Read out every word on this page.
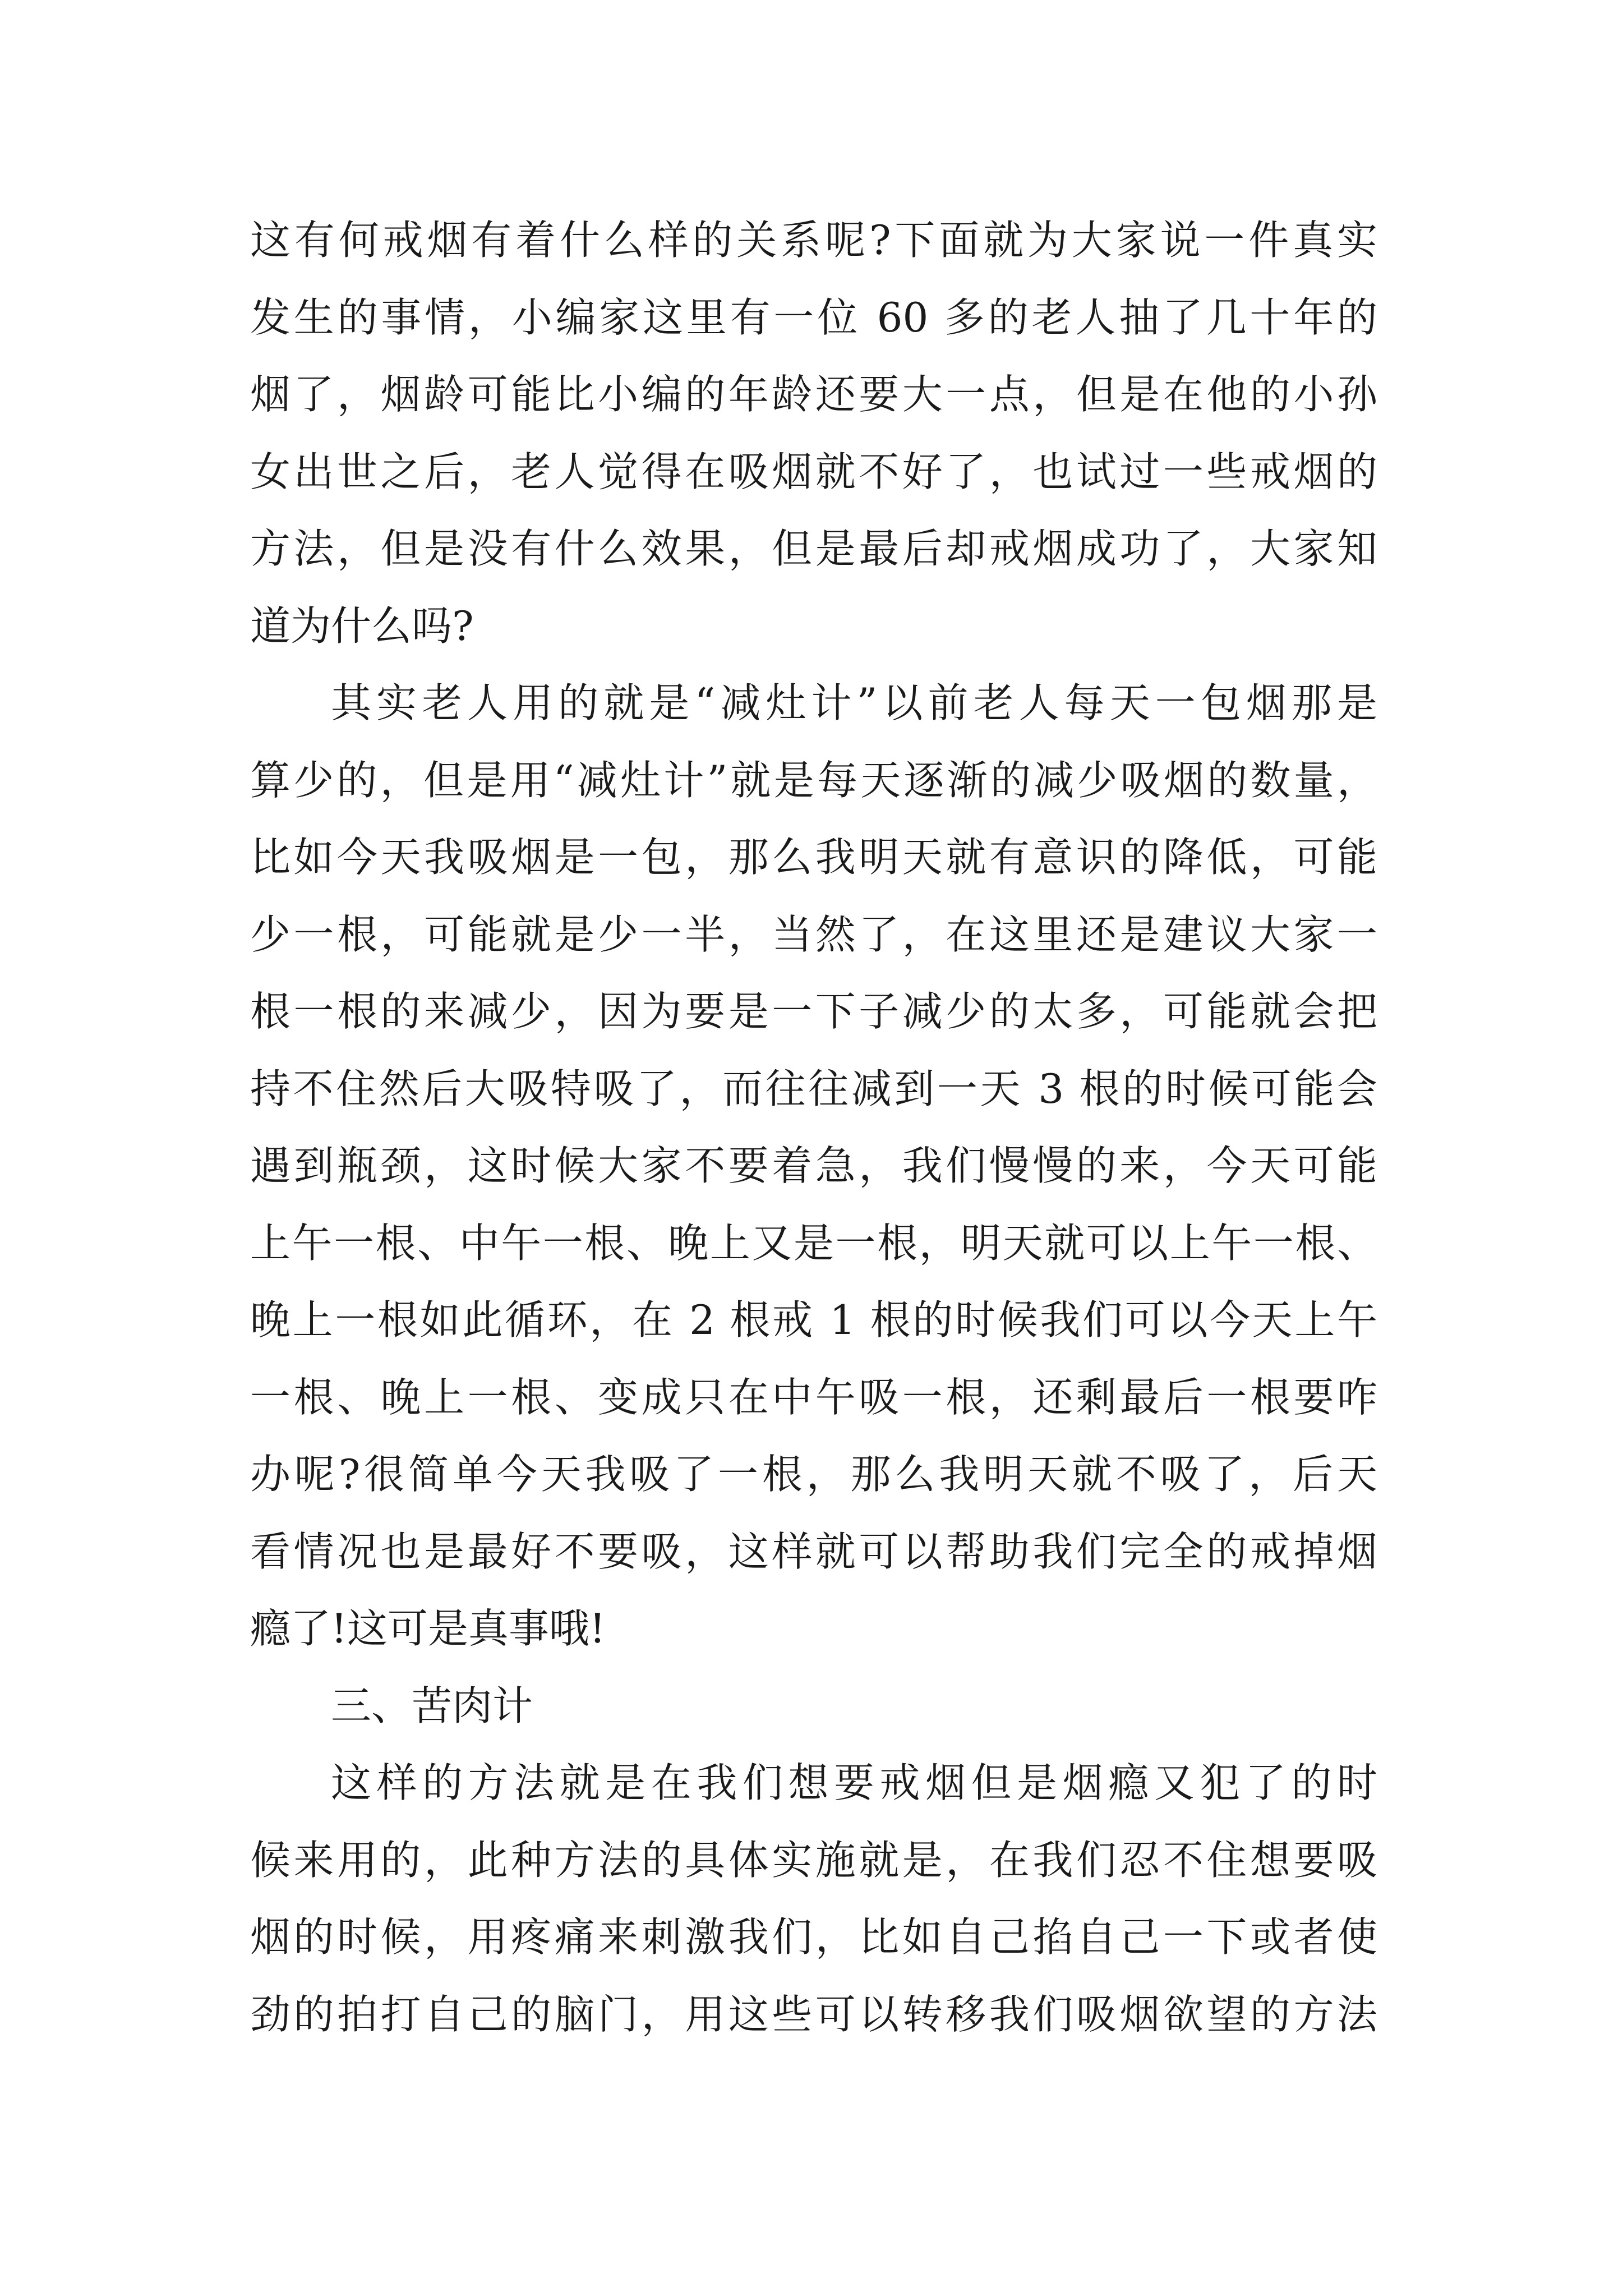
这有何戒烟有着什么样的关系呢?下面就为大家说一件真实
发生的事情，小编家这里有一位 60 多的老人抽了几十年的
烟了，烟龄可能比小编的年龄还要大一点，但是在他的小孙
女出世之后，老人觉得在吸烟就不好了，也试过一些戒烟的
方法，但是没有什么效果，但是最后却戒烟成功了，大家知
道为什么吗?
其实老人用的就是“减灶计”以前老人每天一包烟那是
算少的，但是用“减灶计”就是每天逐渐的减少吸烟的数量，
比如今天我吸烟是一包，那么我明天就有意识的降低，可能
少一根，可能就是少一半，当然了，在这里还是建议大家一
根一根的来减少，因为要是一下子减少的太多，可能就会把
持不住然后大吸特吸了，而往往减到一天 3 根的时候可能会
遇到瓶颈，这时候大家不要着急，我们慢慢的来，今天可能
上午一根、中午一根、晚上又是一根，明天就可以上午一根、
晚上一根如此循环，在 2 根戒 1 根的时候我们可以今天上午
一根、晚上一根、变成只在中午吸一根，还剩最后一根要咋
办呢?很简单今天我吸了一根，那么我明天就不吸了，后天
看情况也是最好不要吸，这样就可以帮助我们完全的戒掉烟
瘾了!这可是真事哦!
三、苦肉计
这样的方法就是在我们想要戒烟但是烟瘾又犯了的时
候来用的，此种方法的具体实施就是，在我们忍不住想要吸
烟的时候，用疼痛来刺激我们，比如自己掐自己一下或者使
劲的拍打自己的脑门，用这些可以转移我们吸烟欲望的方法
